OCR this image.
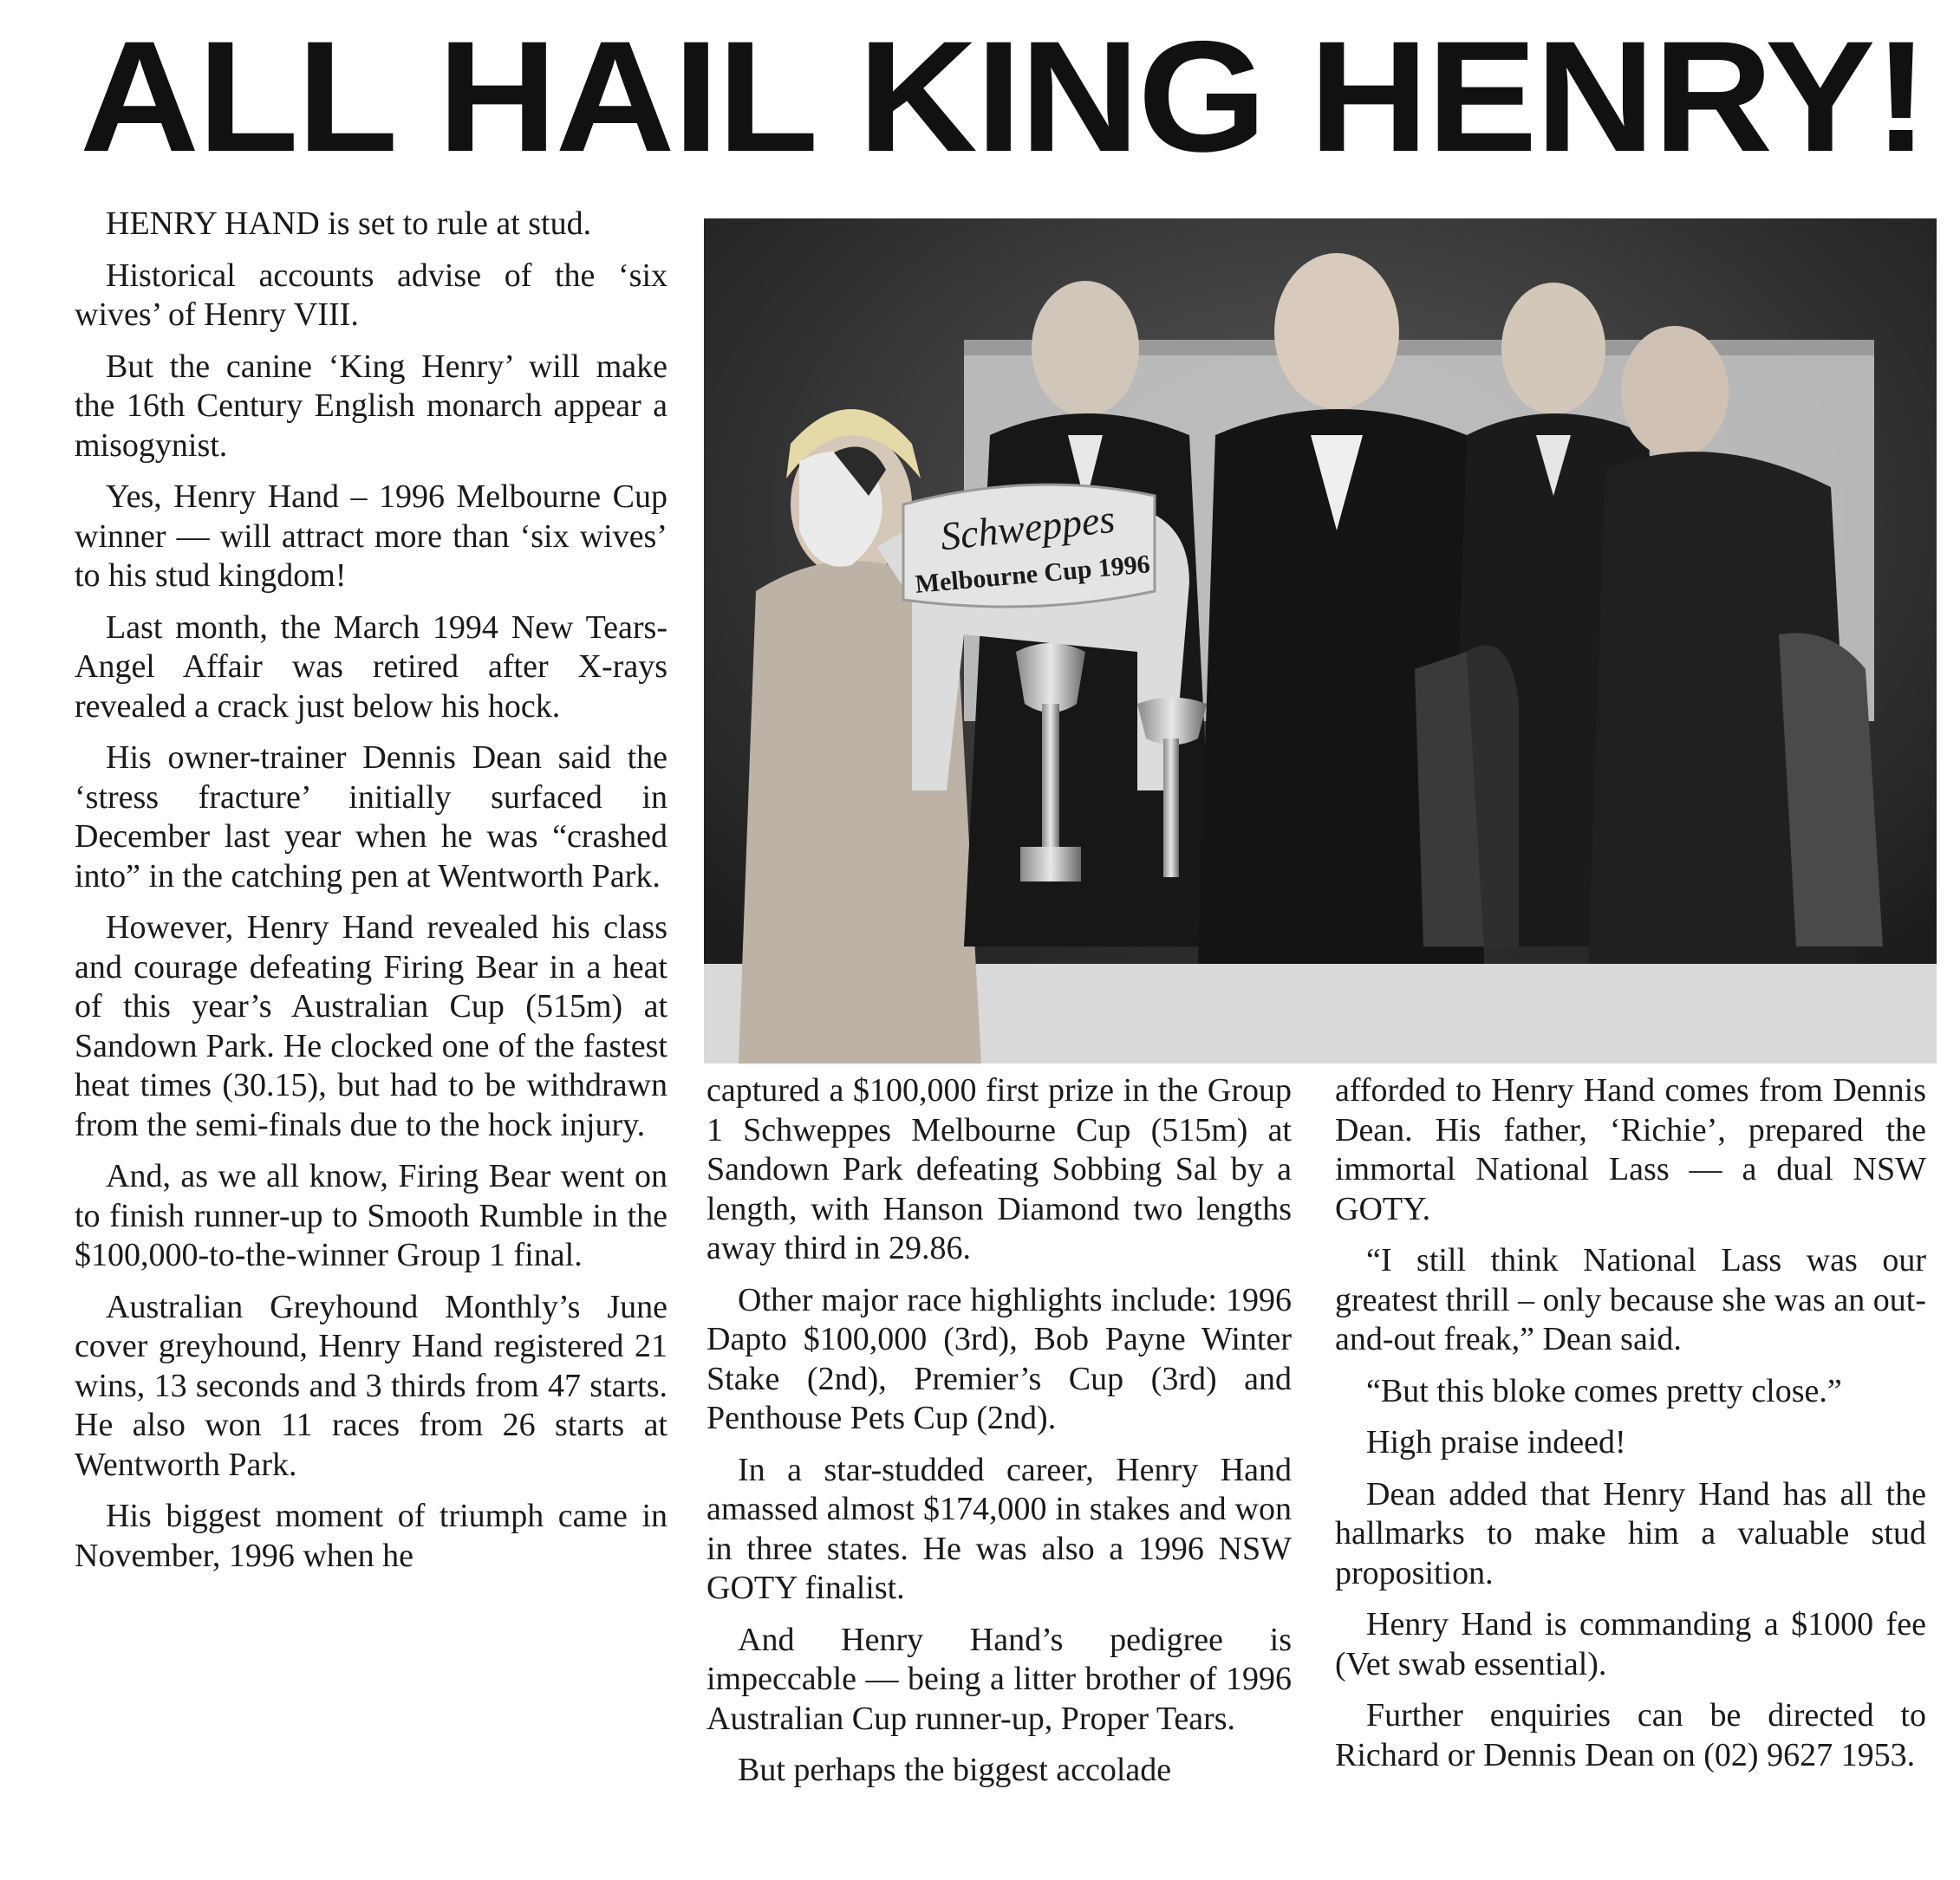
ALL HAIL KING HENRY!

HENRY HAND is set to rule at stud.

Historical accounts advise of the ‘six wives’ of Henry VIII.

But the canine ‘King Henry’ will make the 16th Century English monarch appear a misogynist.

Yes, Henry Hand – 1996 Melbourne Cup winner — will attract more than ‘six wives’ to his stud kingdom!

Last month, the March 1994 New Tears-Angel Affair was retired after X-rays revealed a crack just below his hock.

His owner-trainer Dennis Dean said the ‘stress fracture’ initially surfaced in December last year when he was “crashed into” in the catching pen at Wentworth Park.

However, Henry Hand revealed his class and courage defeating Firing Bear in a heat of this year’s Australian Cup (515m) at Sandown Park. He clocked one of the fastest heat times (30.15), but had to be withdrawn from the semi-finals due to the hock injury.

And, as we all know, Firing Bear went on to finish runner-up to Smooth Rumble in the $100,000-to-the-winner Group 1 final.

Australian Greyhound Monthly’s June cover greyhound, Henry Hand registered 21 wins, 13 seconds and 3 thirds from 47 starts. He also won 11 races from 26 starts at Wentworth Park.

His biggest moment of triumph came in November, 1996 when he

Schweppes
Melbourne Cup 1996

captured a $100,000 first prize in the Group 1 Schweppes Melbourne Cup (515m) at Sandown Park defeating Sobbing Sal by a length, with Hanson Diamond two lengths away third in 29.86.

Other major race highlights include: 1996 Dapto $100,000 (3rd), Bob Payne Winter Stake (2nd), Premier’s Cup (3rd) and Penthouse Pets Cup (2nd).

In a star-studded career, Henry Hand amassed almost $174,000 in stakes and won in three states. He was also a 1996 NSW GOTY finalist.

And Henry Hand’s pedigree is impeccable — being a litter brother of 1996 Australian Cup runner-up, Proper Tears.

But perhaps the biggest accolade

afforded to Henry Hand comes from Dennis Dean. His father, ‘Richie’, prepared the immortal National Lass — a dual NSW GOTY.

“I still think National Lass was our greatest thrill – only because she was an out-and-out freak,” Dean said.

“But this bloke comes pretty close.”

High praise indeed!

Dean added that Henry Hand has all the hallmarks to make him a valuable stud proposition.

Henry Hand is commanding a $1000 fee (Vet swab essential).

Further enquiries can be directed to Richard or Dennis Dean on (02) 9627 1953.
